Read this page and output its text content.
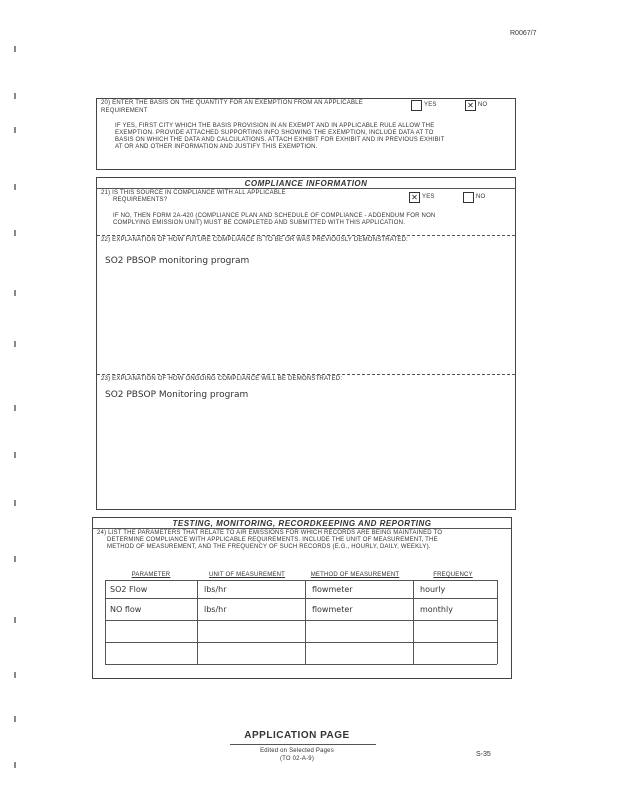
R0067/7
20) ENTER THE BASIS ON THE QUANTITY FOR AN EXEMPTION FROM AN APPLICABLE REQUIREMENT
YES	✕ NO
IF YES, FIRST CITY WHICH THE BASIS PROVISION IN AN EXEMPT AND IN APPLICABLE RULE ALLOW THE
EXEMPTION. PROVIDE ATTACHED SUPPORTING INFO SHOWING THE EXEMPTION, INCLUDE DATA AT TO
BASIS ON WHICH THE DATA AND CALCULATIONS. ATTACH EXHIBIT FOR EXHIBIT AND IN PREVIOUS EXHIBIT
AT OR AND OTHER INFORMATION AND JUSTIFY THIS EXEMPTION.
COMPLIANCE INFORMATION
21) IS THIS SOURCE IN COMPLIANCE WITH ALL APPLICABLE
REQUIREMENTS?	✕ YES	NO
IF NO, THEN FORM 2A-420 (COMPLIANCE PLAN AND SCHEDULE OF COMPLIANCE - ADDENDUM FOR NON
COMPLYING EMISSION UNIT) MUST BE COMPLETED AND SUBMITTED WITH THIS APPLICATION.
22) EXPLANATION OF HOW FUTURE COMPLIANCE IS TO BE OR WAS PREVIOUSLY DEMONSTRATED:
SO2 PBSOP monitoring program
23) EXPLANATION OF HOW ONGOING COMPLIANCE WILL BE DEMONSTRATED:
SO2 PBSOP Monitoring program
TESTING, MONITORING, RECORDKEEPING AND REPORTING
24) LIST THE PARAMETERS THAT RELATE TO AIR EMISSIONS FOR WHICH RECORDS ARE BEING MAINTAINED TO
DETERMINE COMPLIANCE WITH APPLICABLE REQUIREMENTS. INCLUDE THE UNIT OF MEASUREMENT, THE
METHOD OF MEASUREMENT, AND THE FREQUENCY OF SUCH RECORDS (E.G., HOURLY, DAILY, WEEKLY).
PARAMETER	UNIT OF MEASUREMENT	METHOD OF MEASUREMENT	FREQUENCY
SO2 Flow	lbs/hr	flowmeter	hourly
NO flow	lbs/hr	flowmeter	monthly
APPLICATION PAGE
Edited on Selected Pages
(TO 02-A-9)
S-35
